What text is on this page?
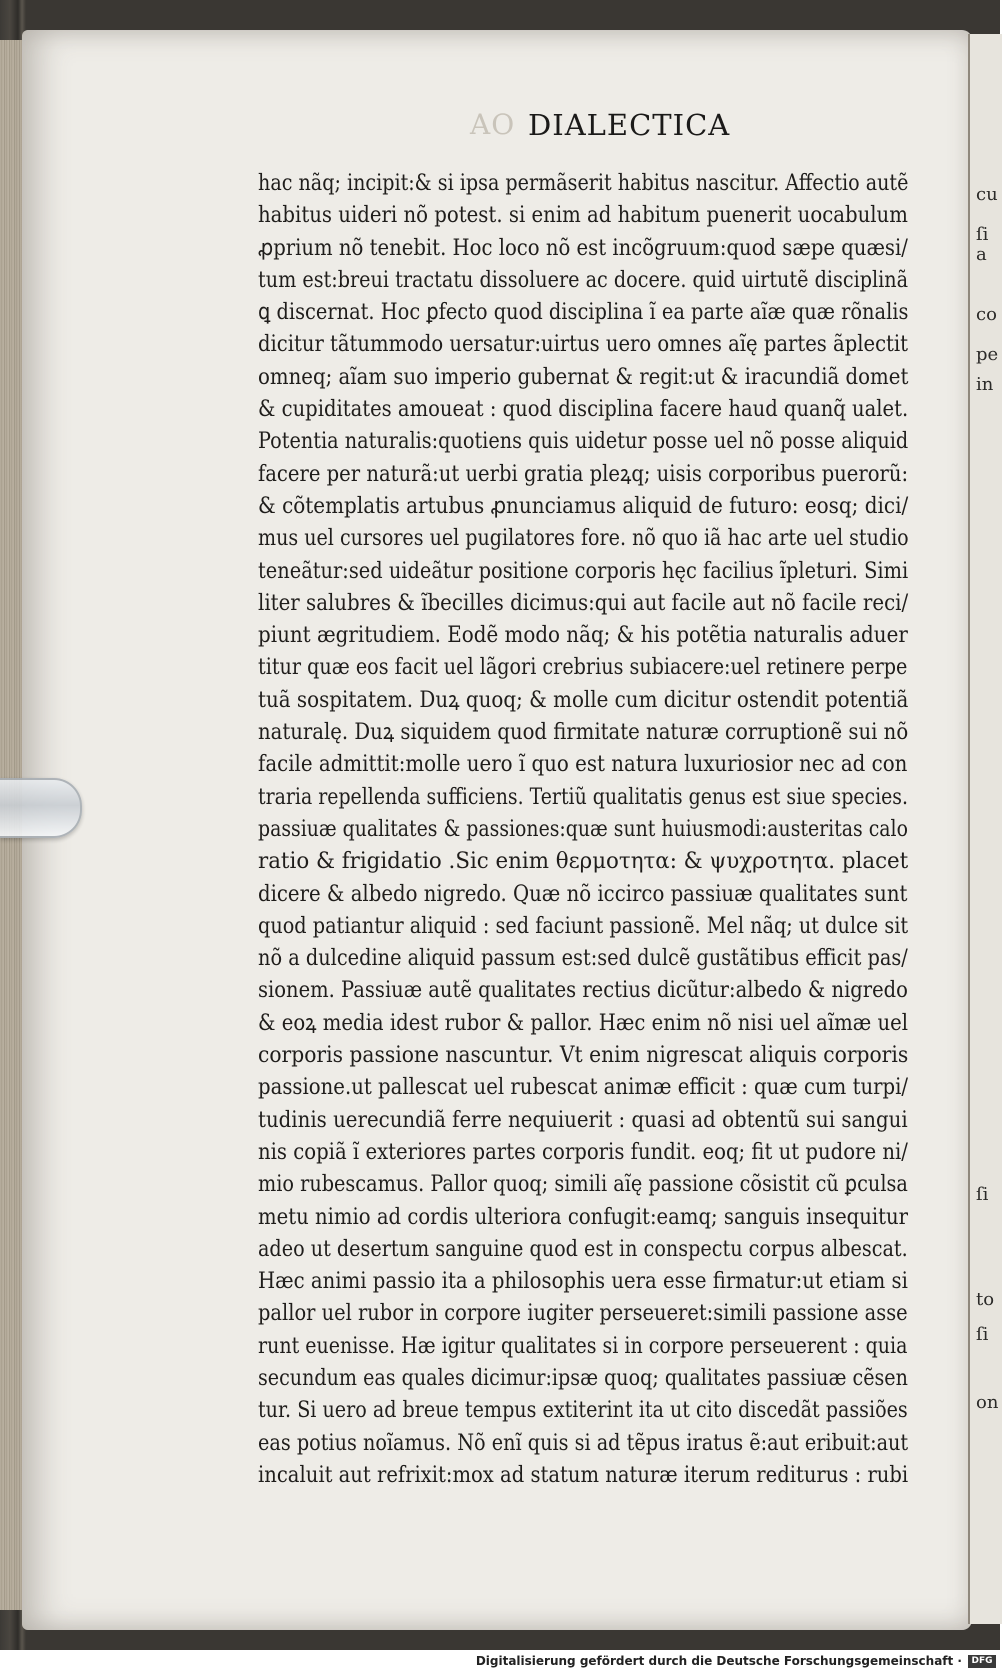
cu
ſi
a
co
pe
in
ſi
to
ſi
on
AO DIALECTICA
hac nãq; incipit:& si ipsa permãserit habitus nascitur. Affectio autẽ
habitus uideri nõ potest. si enim ad habitum puenerit uocabulum
ꝓprium nõ tenebit. Hoc loco nõ est incõgruum:quod sæpe quæsi/
tum est:breui tractatu dissoluere ac docere. quid uirtutẽ disciplinã
ꝗ discernat. Hoc ꝑfecto quod disciplina ĩ ea parte aĩæ quæ rõnalis
dicitur tãtummodo uersatur:uirtus uero omnes aĩę partes ãplectit
omneq; aĩam suo imperio gubernat & regit:ut & iracundiã domet
& cupiditates amoueat : quod disciplina facere haud quanq̃ ualet.
Potentia naturalis:quotiens quis uidetur posse uel nõ posse aliquid
facere per naturã:ut uerbi gratia pleꝝq; uisis corporibus puerorũ:
& cõtemplatis artubus ꝓnunciamus aliquid de futuro: eosq; dici/
mus uel cursores uel pugilatores fore. nõ quo iã hac arte uel studio
teneãtur:sed uideãtur positione corporis hęc facilius ĩpleturi. Simi
liter salubres & ĩbecilles dicimus:qui aut facile aut nõ facile reci/
piunt ægritudiem. Eodẽ modo nãq; & his potẽtia naturalis aduer
titur quæ eos facit uel lãgori crebrius subiacere:uel retinere perpe
tuã sospitatem. Duꝝ quoq; & molle cum dicitur ostendit potentiã
naturalę. Duꝝ siquidem quod firmitate naturæ corruptionẽ sui nõ
facile admittit:molle uero ĩ quo est natura luxuriosior nec ad con
traria repellenda sufficiens. Tertiũ qualitatis genus est siue species.
passiuæ qualitates & passiones:quæ sunt huiusmodi:austeritas calo
ratio & frigidatio .Sic enim θερμοτητα: & ψυχροτητα. placet
dicere & albedo nigredo. Quæ nõ iccirco passiuæ qualitates sunt
quod patiantur aliquid : sed faciunt passionẽ. Mel nãq; ut dulce sit
nõ a dulcedine aliquid passum est:sed dulcẽ gustãtibus efficit pas/
sionem. Passiuæ autẽ qualitates rectius dicũtur:albedo & nigredo
& eoꝝ media idest rubor & pallor. Hæc enim nõ nisi uel aĩmæ uel
corporis passione nascuntur. Vt enim nigrescat aliquis corporis
passione.ut pallescat uel rubescat animæ efficit : quæ cum turpi/
tudinis uerecundiã ferre nequiuerit : quasi ad obtentũ sui sangui
nis copiã ĩ exteriores partes corporis fundit. eoq; fit ut pudore ni/
mio rubescamus. Pallor quoq; simili aĩę passione cõsistit cũ ꝑculsa
metu nimio ad cordis ulteriora confugit:eamq; sanguis insequitur
adeo ut desertum sanguine quod est in conspectu corpus albescat.
Hæc animi passio ita a philosophis uera esse firmatur:ut etiam si
pallor uel rubor in corpore iugiter perseueret:simili passione asse
runt euenisse. Hæ igitur qualitates si in corpore perseuerent : quia
secundum eas quales dicimur:ipsæ quoq; qualitates passiuæ cẽsen
tur. Si uero ad breue tempus extiterint ita ut cito discedãt passiões
eas potius noĩamus. Nõ enĩ quis si ad tẽpus iratus ẽ:aut eribuit:aut
incaluit aut refrixit:mox ad statum naturæ iterum rediturus : rubi
Digitalisierung gefördert durch die Deutsche Forschungsgemeinschaft ·	DFG
